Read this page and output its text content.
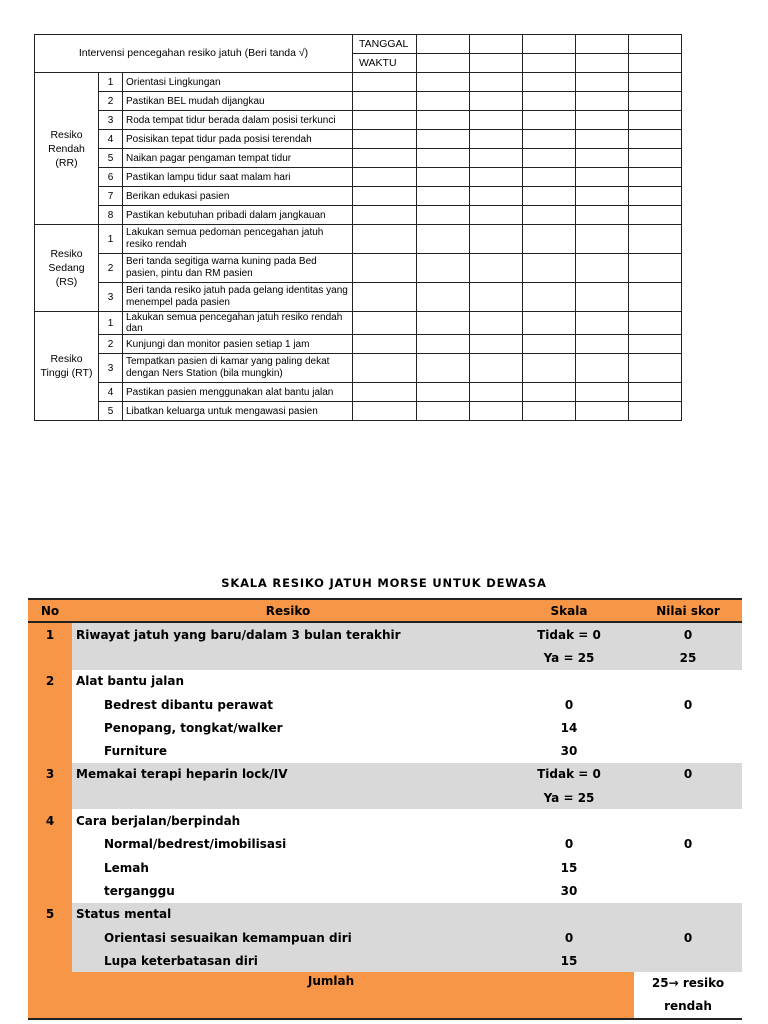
Intervensi pencegahan resiko jatuh (Beri tanda √)			TANGGAL					
			WAKTU					
Resiko Rendah (RR)	1	Orientasi Lingkungan						
	2	Pastikan BEL mudah dijangkau						
	3	Roda tempat tidur berada dalam posisi terkunci						
	4	Posisikan tepat tidur pada posisi terendah						
	5	Naikan pagar pengaman tempat tidur						
	6	Pastikan lampu tidur saat malam hari						
	7	Berikan edukasi pasien						
	8	Pastikan kebutuhan pribadi dalam jangkauan						
Resiko Sedang (RS)	1	Lakukan semua pedoman pencegahan jatuh resiko rendah						
	2	Beri tanda segitiga warna kuning pada Bed pasien, pintu dan RM pasien						
	3	Beri tanda resiko jatuh pada gelang identitas yang menempel pada pasien						
Resiko Tinggi (RT)	1	Lakukan semua pencegahan jatuh resiko rendah dan						
	2	Kunjungi dan monitor pasien setiap 1 jam						
	3	Tempatkan pasien di kamar yang paling dekat dengan Ners Station (bila mungkin)						
	4	Pastikan pasien menggunakan alat bantu jalan						
	5	Libatkan keluarga untuk mengawasi pasien						
SKALA RESIKO JATUH MORSE UNTUK DEWASA
No	Resiko	Skala	Nilai skor
1	Riwayat jatuh yang baru/dalam 3 bulan terakhir	Tidak = 0	0
		Ya = 25	25
2	Alat bantu jalan		
	Bedrest dibantu perawat	0	0
	Penopang, tongkat/walker	14	
	Furniture	30	
3	Memakai terapi heparin lock/IV	Tidak = 0	0
		Ya = 25	
4	Cara berjalan/berpindah		
	Normal/bedrest/imobilisasi	0	0
	Lemah	15	
	terganggu	30	
5	Status mental		
	Orientasi sesuaikan kemampuan diri	0	0
	Lupa keterbatasan diri	15	
Jumlah			25→ resiko
rendah
